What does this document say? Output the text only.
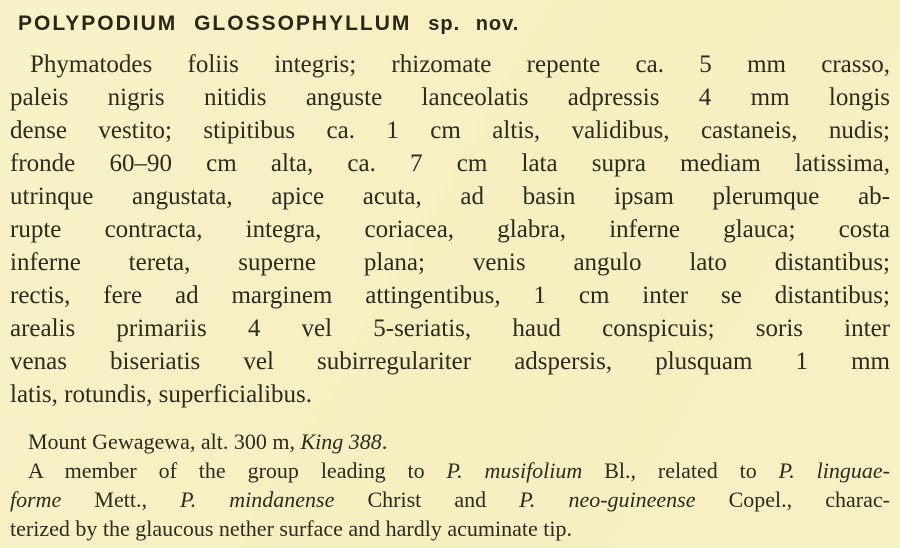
POLYPODIUM GLOSSOPHYLLUM sp. nov.
Phymatodes foliis integris; rhizomate repente ca. 5 mm crasso,
paleis nigris nitidis anguste lanceolatis adpressis 4 mm longis
dense vestito; stipitibus ca. 1 cm altis, validibus, castaneis, nudis;
fronde 60–90 cm alta, ca. 7 cm lata supra mediam latissima,
utrinque angustata, apice acuta, ad basin ipsam plerumque ab-
rupte contracta, integra, coriacea, glabra, inferne glauca; costa
inferne tereta, superne plana; venis angulo lato distantibus;
rectis, fere ad marginem attingentibus, 1 cm inter se distantibus;
arealis primariis 4 vel 5-seriatis, haud conspicuis; soris inter
venas biseriatis vel subirregulariter adspersis, plusquam 1 mm
latis, rotundis, superficialibus.
Mount Gewagewa, alt. 300 m, King 388.
A member of the group leading to P. musifolium Bl., related to P. linguae-
forme Mett., P. mindanense Christ and P. neo-guineense Copel., charac-
terized by the glaucous nether surface and hardly acuminate tip.
